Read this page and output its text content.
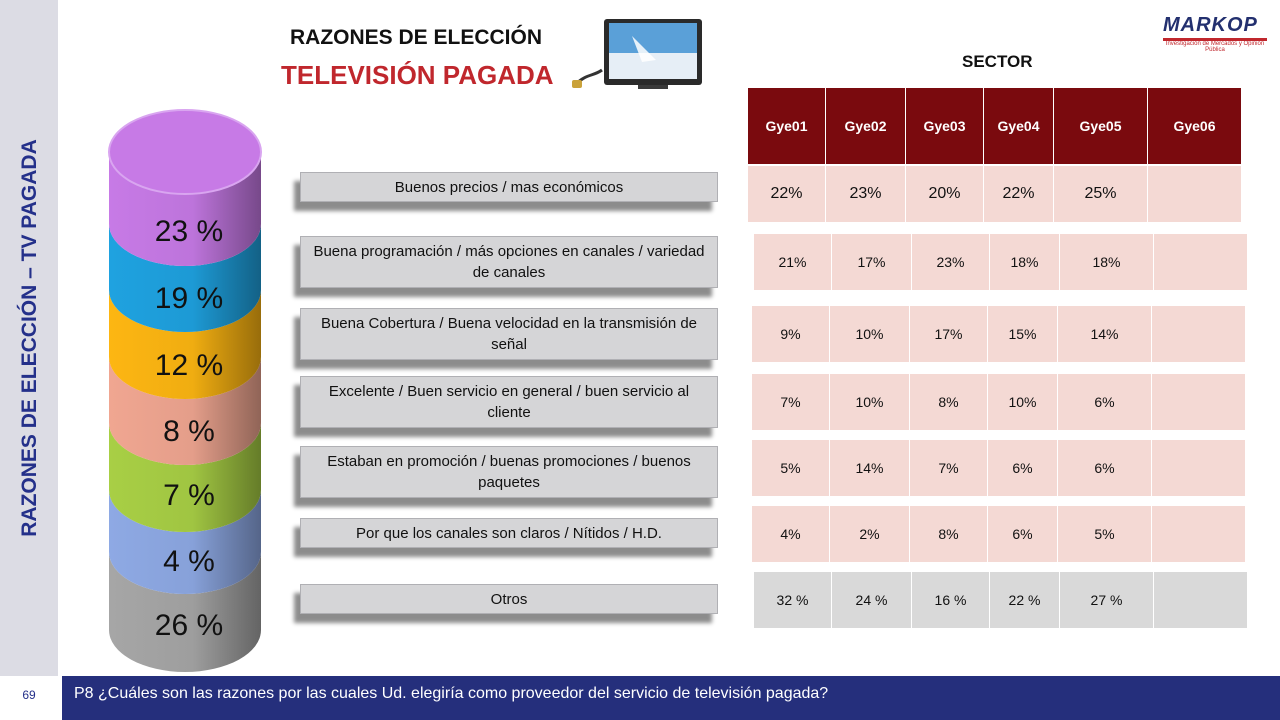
RAZONES DE ELECCIÓN – TV PAGADA
69	P8 ¿Cuáles son las razones por las cuales Ud. elegiría como proveedor del servicio de televisión pagada?
RAZONES DE ELECCIÓN
TELEVISIÓN PAGADA
MARKOP
Investigación de Mercados y Opinión Pública
23 %
19 %
12 %
8 %
7 %
4 %
26 %
Buenos precios / mas económicos
Buena programación / más opciones en canales / variedad de canales
Buena Cobertura / Buena velocidad en la transmisión de señal
Excelente / Buen servicio en general / buen servicio al cliente
Estaban en promoción / buenas promociones / buenos paquetes
Por que los canales son claros / Nítidos / H.D.
Otros
SECTOR
Gye01	Gye02	Gye03	Gye04	Gye05	Gye06
22%	23%	20%	22%	25%
21%	17%	23%	18%	18%
9%	10%	17%	15%	14%
7%	10%	8%	10%	6%
5%	14%	7%	6%	6%
4%	2%	8%	6%	5%
32 %	24 %	16 %	22 %	27 %
